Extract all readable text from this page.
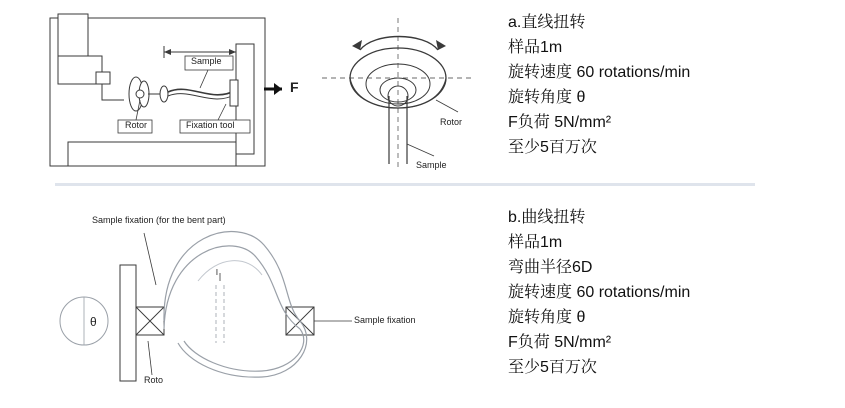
Sample
Rotor	Fixation tool
F
Rotor
Sample
a.直线扭转
样品1m
旋转速度 60 rotations/min
旋转角度 θ
F负荷 5N/mm²
至少5百万次
θ
Sample fixation (for the bent part)
Sample fixation
Roto
l
b.曲线扭转
样品1m
弯曲半径6D
旋转速度 60 rotations/min
旋转角度 θ
F负荷 5N/mm²
至少5百万次
